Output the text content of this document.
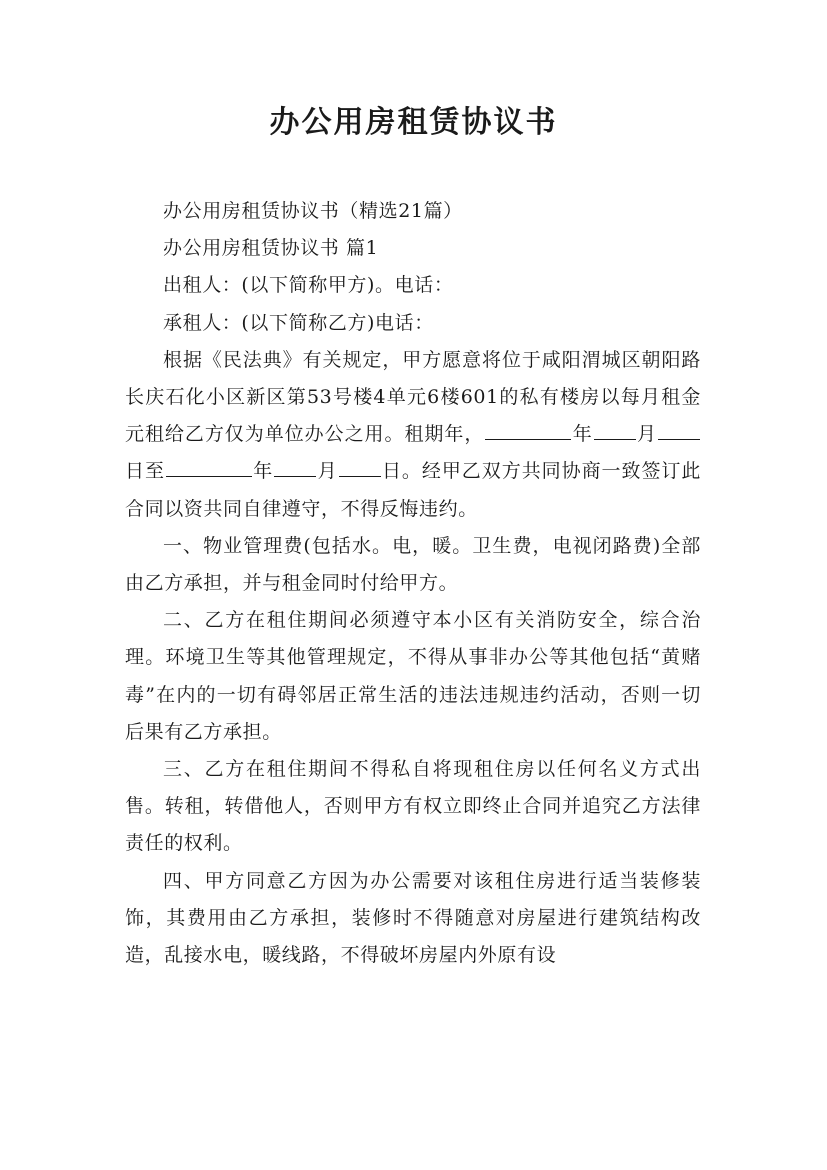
办公用房租赁协议书

办公用房租赁协议书（精选21篇）

办公用房租赁协议书 篇1

出租人：(以下简称甲方)。电话：

承租人：(以下简称乙方)电话：

根据《民法典》有关规定，甲方愿意将位于咸阳渭城区朝阳路长庆石化小区新区第53号楼4单元6楼601的私有楼房以每月租金元租给乙方仅为单位办公之用。租期年，	年 月日至	年 月 日。经甲乙双方共同协商一致签订此合同以资共同自律遵守，不得反悔违约。

一、物业管理费(包括水。电，暖。卫生费，电视闭路费)全部由乙方承担，并与租金同时付给甲方。

二、乙方在租住期间必须遵守本小区有关消防安全，综合治理。环境卫生等其他管理规定，不得从事非办公等其他包括“黄赌毒”在内的一切有碍邻居正常生活的违法违规违约活动，否则一切后果有乙方承担。

三、乙方在租住期间不得私自将现租住房以任何名义方式出售。转租，转借他人，否则甲方有权立即终止合同并追究乙方法律责任的权利。

四、甲方同意乙方因为办公需要对该租住房进行适当装修装饰，其费用由乙方承担，装修时不得随意对房屋进行建筑结构改造，乱接水电，暖线路，不得破坏房屋内外原有设
